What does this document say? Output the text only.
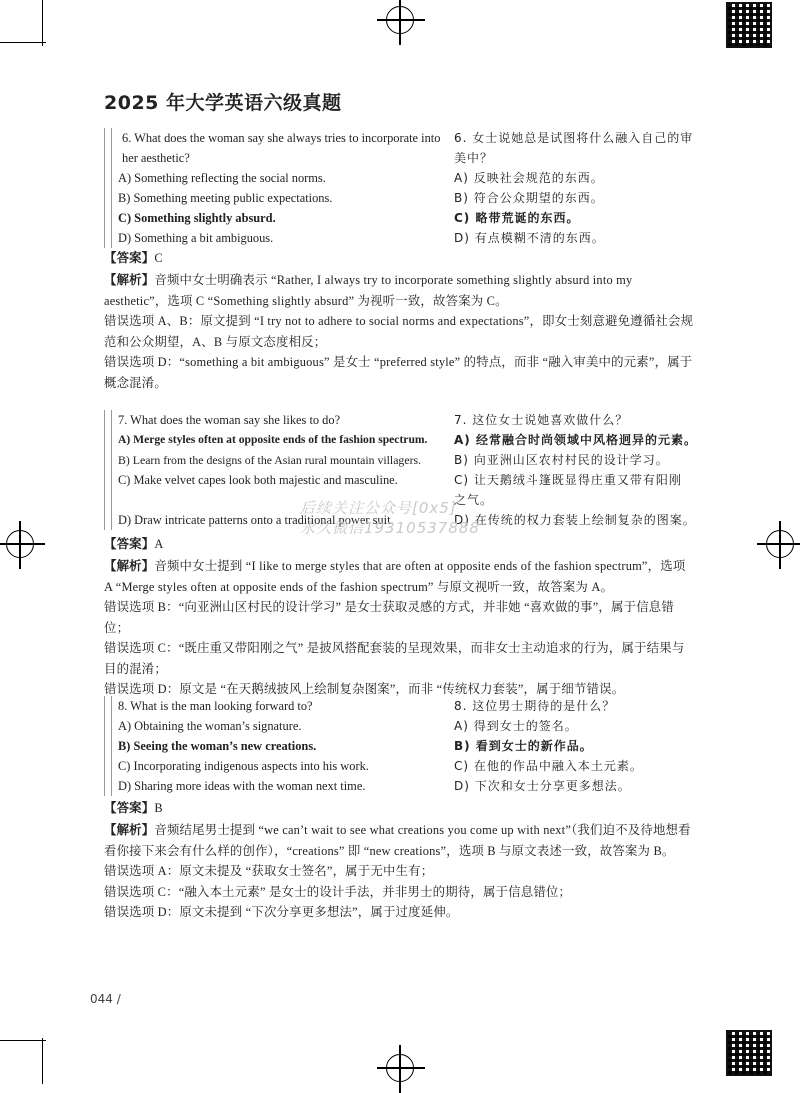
2025 年大学英语六级真题
6. What does the woman say she always tries to incorporate into her aesthetic?
6. 女士说她总是试图将什么融入自己的审美中？
A) Something reflecting the social norms.	A) 反映社会规范的东西。
B) Something meeting public expectations.	B) 符合公众期望的东西。
C) Something slightly absurd.	C) 略带荒诞的东西。
D) Something a bit ambiguous.	D) 有点模糊不清的东西。
【答案】C
【解析】音频中女士明确表示 “Rather, I always try to incorporate something slightly absurd into my aesthetic”，选项 C “Something slightly absurd” 为视听一致，故答案为 C。
错误选项 A、B：原文提到 “I try not to adhere to social norms and expectations”，即女士刻意避免遵循社会规范和公众期望，A、B 与原文态度相反；
错误选项 D：“something a bit ambiguous” 是女士 “preferred style” 的特点，而非 “融入审美中的元素”，属于概念混淆。
7. What does the woman say she likes to do?	7. 这位女士说她喜欢做什么？
A) Merge styles often at opposite ends of the fashion spectrum.	A) 经常融合时尚领域中风格迥异的元素。
B) Learn from the designs of the Asian rural mountain villagers.	B) 向亚洲山区农村村民的设计学习。
C) Make velvet capes look both majestic and masculine.	C) 让天鹅绒斗篷既显得庄重又带有阳刚之气。
D) Draw intricate patterns onto a traditional power suit.	D) 在传统的权力套装上绘制复杂的图案。
后续关注公众号[0x5]
永久微信19310537888
【答案】A
【解析】音频中女士提到 “I like to merge styles that are often at opposite ends of the fashion spectrum”，选项 A “Merge styles often at opposite ends of the fashion spectrum” 与原文视听一致，故答案为 A。
错误选项 B：“向亚洲山区村民的设计学习” 是女士获取灵感的方式，并非她 “喜欢做的事”，属于信息错位；
错误选项 C：“既庄重又带阳刚之气” 是披风搭配套装的呈现效果，而非女士主动追求的行为，属于结果与目的混淆；
错误选项 D：原文是 “在天鹅绒披风上绘制复杂图案”，而非 “传统权力套装”，属于细节错误。
8. What is the man looking forward to?	8. 这位男士期待的是什么？
A) Obtaining the woman’s signature.	A) 得到女士的签名。
B) Seeing the woman’s new creations.	B) 看到女士的新作品。
C) Incorporating indigenous aspects into his work.	C) 在他的作品中融入本土元素。
D) Sharing more ideas with the woman next time.	D) 下次和女士分享更多想法。
【答案】B
【解析】音频结尾男士提到 “we can’t wait to see what creations you come up with next”（我们迫不及待地想看看你接下来会有什么样的创作），“creations” 即 “new creations”，选项 B 与原文表述一致，故答案为 B。
错误选项 A：原文未提及 “获取女士签名”，属于无中生有；
错误选项 C：“融入本土元素” 是女士的设计手法，并非男士的期待，属于信息错位；
错误选项 D：原文未提到 “下次分享更多想法”，属于过度延伸。
044 /
